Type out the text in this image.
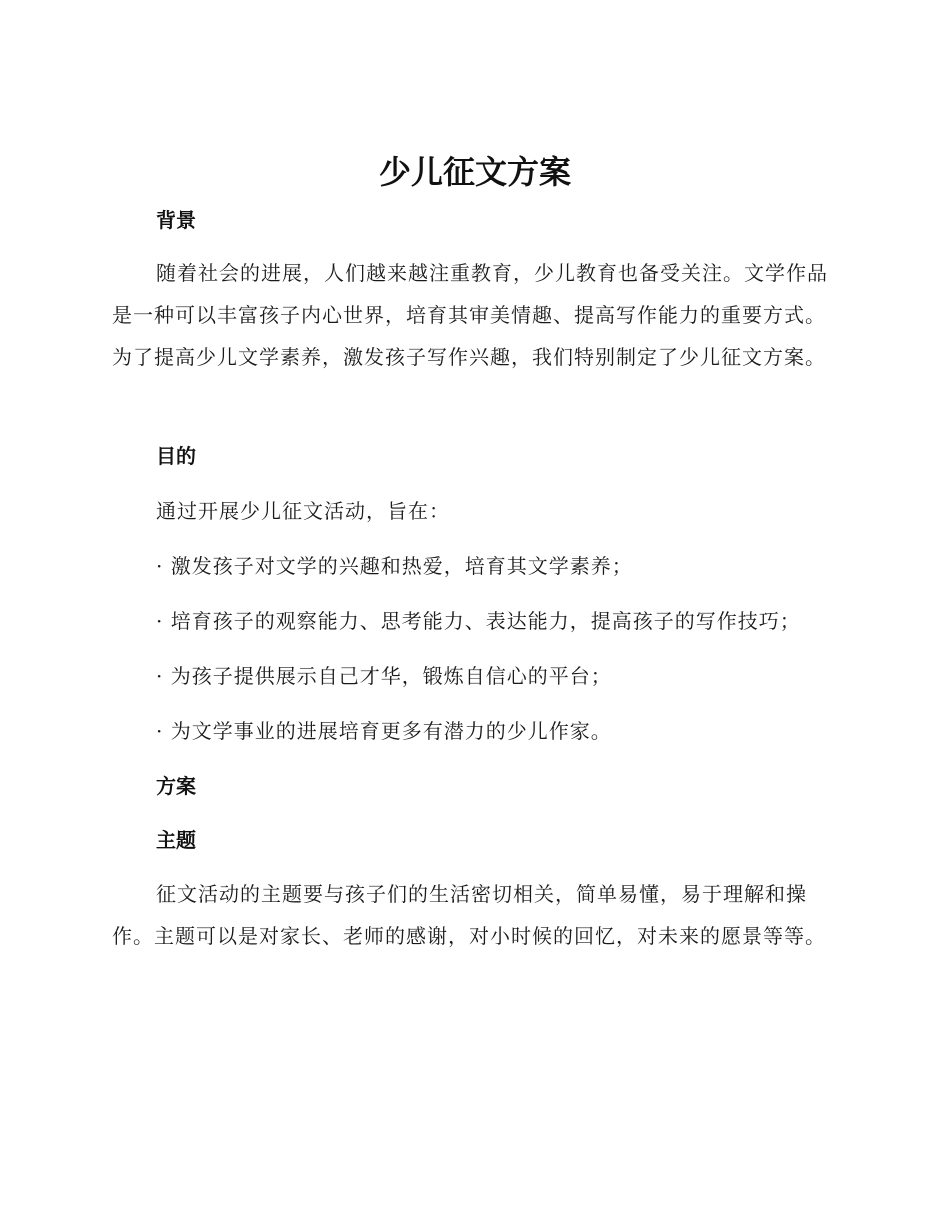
少儿征文方案
背景

随着社会的进展，人们越来越注重教育，少儿教育也备受关注。文学作品是一种可以丰富孩子内心世界，培育其审美情趣、提高写作能力的重要方式。为了提高少儿文学素养，激发孩子写作兴趣，我们特别制定了少儿征文方案。

目的

通过开展少儿征文活动，旨在：

· 激发孩子对文学的兴趣和热爱，培育其文学素养；

· 培育孩子的观察能力、思考能力、表达能力，提高孩子的写作技巧；

· 为孩子提供展示自己才华，锻炼自信心的平台；

· 为文学事业的进展培育更多有潜力的少儿作家。

方案
主题

征文活动的主题要与孩子们的生活密切相关，简单易懂，易于理解和操作。主题可以是对家长、老师的感谢，对小时候的回忆，对未来的愿景等等。
